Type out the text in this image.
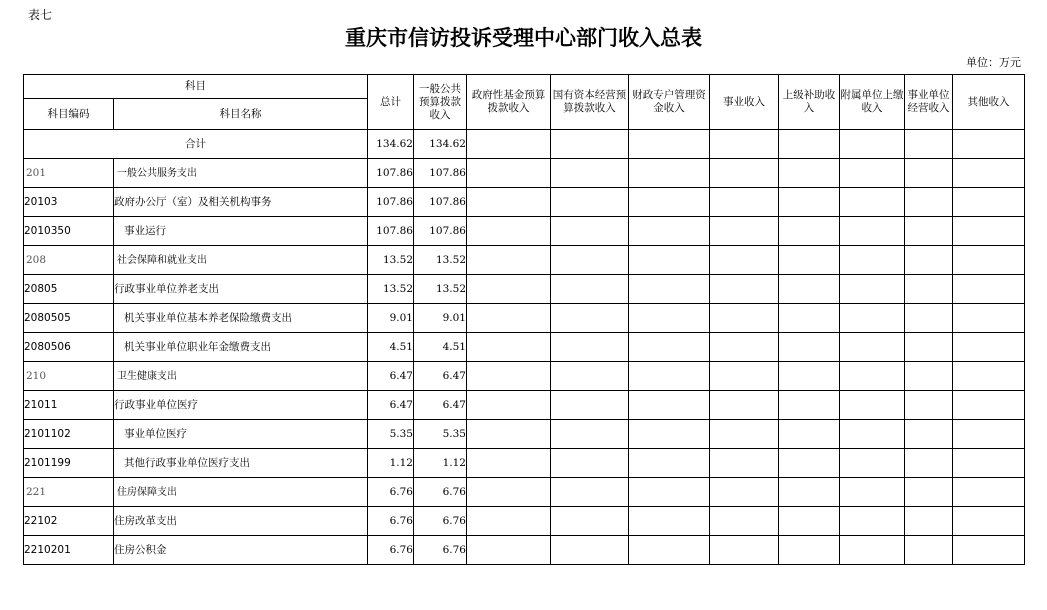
表七
重庆市信访投诉受理中心部门收入总表
单位：万元
科目		总计	一般公共预算拨款收入	政府性基金预算拨款收入	国有资本经营预算拨款收入	财政专户管理资金收入	事业收入	上级补助收入	附属单位上缴收入	事业单位经营收入	其他收入
科目编码	科目名称										
合计		134.62	134.62								
201	一般公共服务支出	107.86	107.86								
20103	政府办公厅（室）及相关机构事务	107.86	107.86								
2010350	事业运行	107.86	107.86								
208	社会保障和就业支出	13.52	13.52								
20805	行政事业单位养老支出	13.52	13.52								
2080505	机关事业单位基本养老保险缴费支出	9.01	9.01								
2080506	机关事业单位职业年金缴费支出	4.51	4.51								
210	卫生健康支出	6.47	6.47								
21011	行政事业单位医疗	6.47	6.47								
2101102	事业单位医疗	5.35	5.35								
2101199	其他行政事业单位医疗支出	1.12	1.12								
221	住房保障支出	6.76	6.76								
22102	住房改革支出	6.76	6.76								
2210201	住房公积金	6.76	6.76								
